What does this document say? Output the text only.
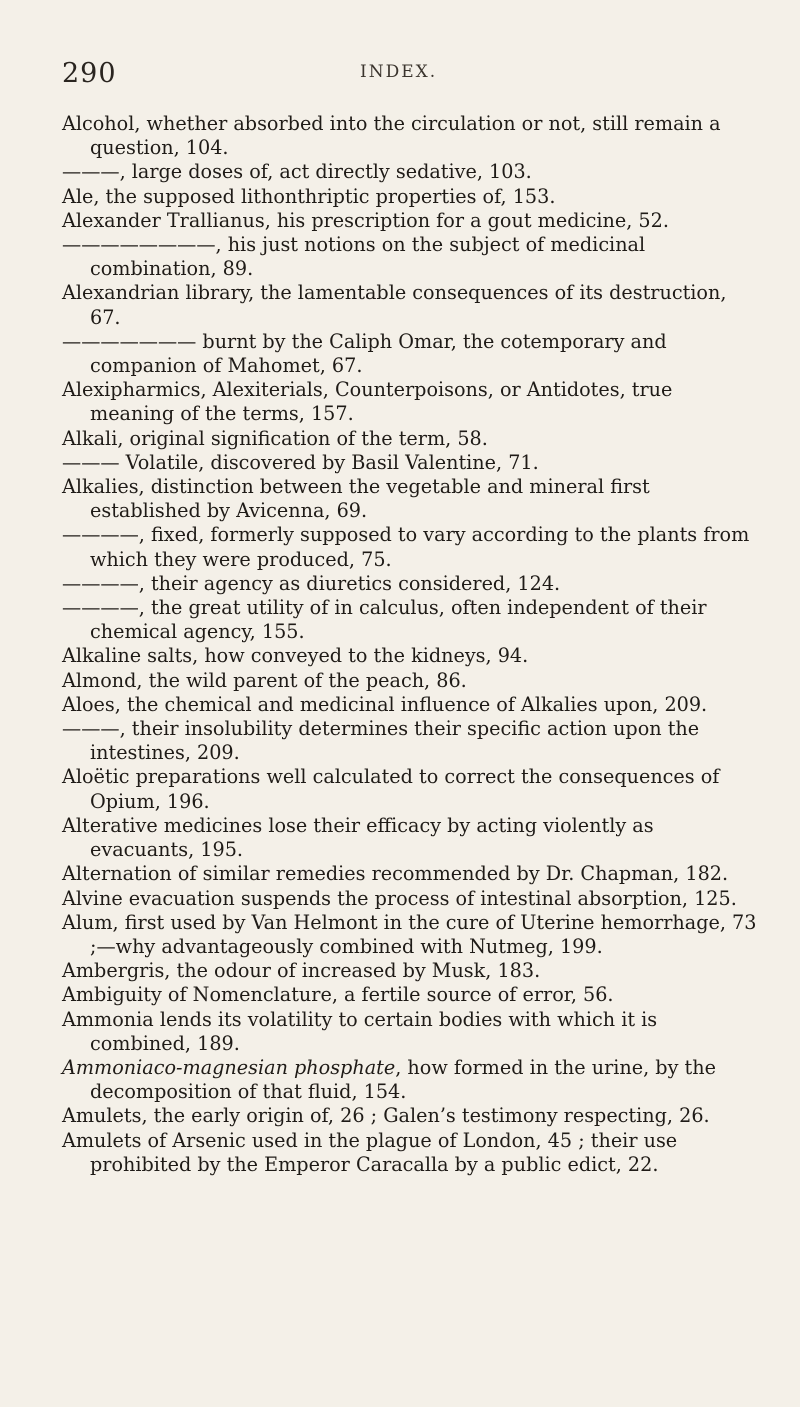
290	INDEX.

Alcohol, whether absorbed into the circulation or not, still remain a question, 104.

———, large doses of, act directly sedative, 103.

Ale, the supposed lithonthriptic properties of, 153.

Alexander Trallianus, his prescription for a gout medicine, 52.

————————, his just notions on the subject of medicinal combination, 89.

Alexandrian library, the lamentable consequences of its destruction, 67.

——————— burnt by the Caliph Omar, the cotemporary and companion of Mahomet, 67.

Alexipharmics, Alexiterials, Counterpoisons, or Antidotes, true meaning of the terms, 157.

Alkali, original signification of the term, 58.

——— Volatile, discovered by Basil Valentine, 71.

Alkalies, distinction between the vegetable and mineral first established by Avicenna, 69.

————, fixed, formerly supposed to vary according to the plants from which they were produced, 75.

————, their agency as diuretics considered, 124.

————, the great utility of in calculus, often independent of their chemical agency, 155.

Alkaline salts, how conveyed to the kidneys, 94.

Almond, the wild parent of the peach, 86.

Aloes, the chemical and medicinal influence of Alkalies upon, 209.

———, their insolubility determines their specific action upon the intestines, 209.

Aloëtic preparations well calculated to correct the consequences of Opium, 196.

Alterative medicines lose their efficacy by acting violently as evacuants, 195.

Alternation of similar remedies recommended by Dr. Chapman, 182.

Alvine evacuation suspends the process of intestinal absorption, 125.

Alum, first used by Van Helmont in the cure of Uterine hemorrhage, 73 ;—why advantageously combined with Nutmeg, 199.

Ambergris, the odour of increased by Musk, 183.

Ambiguity of Nomenclature, a fertile source of error, 56.

Ammonia lends its volatility to certain bodies with which it is combined, 189.

Ammoniaco-magnesian phosphate, how formed in the urine, by the decomposition of that fluid, 154.

Amulets, the early origin of, 26 ; Galen’s testimony respecting, 26.

Amulets of Arsenic used in the plague of London, 45 ; their use prohibited by the Emperor Caracalla by a public edict, 22.
